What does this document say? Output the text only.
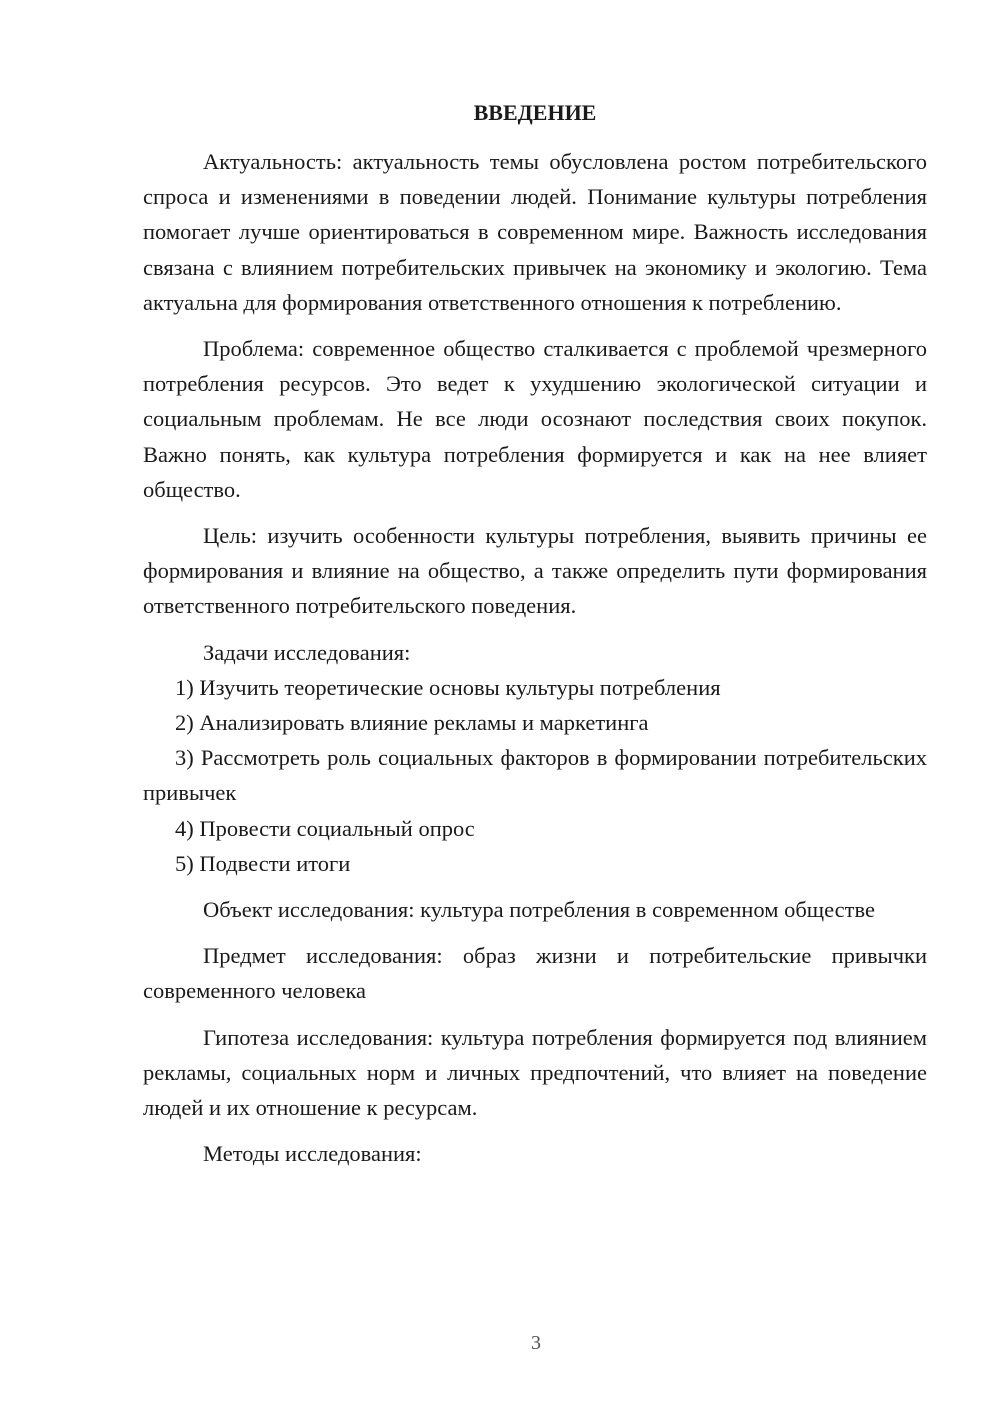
ВВЕДЕНИЕ

Актуальность: актуальность темы обусловлена ростом потребительского спроса и изменениями в поведении людей. Понимание культуры потребления помогает лучше ориентироваться в современном мире. Важность исследования связана с влиянием потребительских привычек на экономику и экологию. Тема актуальна для формирования ответственного отношения к потреблению.

Проблема: современное общество сталкивается с проблемой чрезмерного потребления ресурсов. Это ведет к ухудшению экологической ситуации и социальным проблемам. Не все люди осознают последствия своих покупок. Важно понять, как культура потребления формируется и как на нее влияет общество.

Цель: изучить особенности культуры потребления, выявить причины ее формирования и влияние на общество, а также определить пути формирования ответственного потребительского поведения.

Задачи исследования:

1) Изучить теоретические основы культуры потребления

2) Анализировать влияние рекламы и маркетинга

3) Рассмотреть роль социальных факторов в формировании потребительских привычек

4) Провести социальный опрос

5) Подвести итоги

Объект исследования: культура потребления в современном обществе

Предмет исследования: образ жизни и потребительские привычки современного человека

Гипотеза исследования: культура потребления формируется под влиянием рекламы, социальных норм и личных предпочтений, что влияет на поведение людей и их отношение к ресурсам.

Методы исследования:

3
